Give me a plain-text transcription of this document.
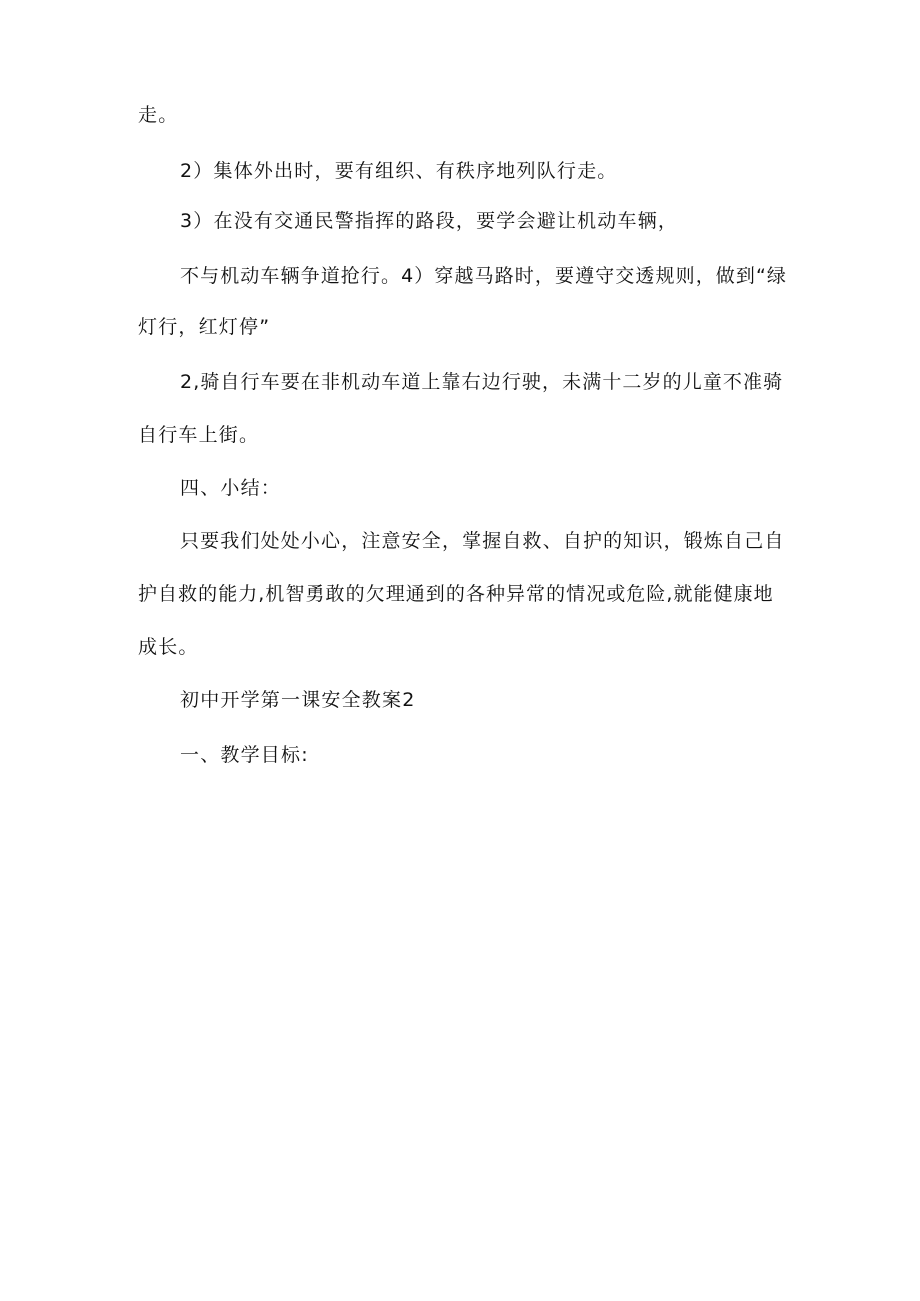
走。
2）集体外出时，要有组织、有秩序地列队行走。
3）在没有交通民警指挥的路段，要学会避让机动车辆，
不与机动车辆争道抢行。4）穿越马路时，要遵守交透规则，做到“绿
灯行，红灯停”
2,骑自行车要在非机动车道上靠右边行驶，未满十二岁的儿童不准骑
自行车上街。
四、小结：
只要我们处处小心，注意安全，掌握自救、自护的知识，锻炼自己自
护自救的能力,机智勇敢的欠理通到的各种异常的情况或危险,就能健康地
成长。
初中开学第一课安全教案2
一、教学目标:
